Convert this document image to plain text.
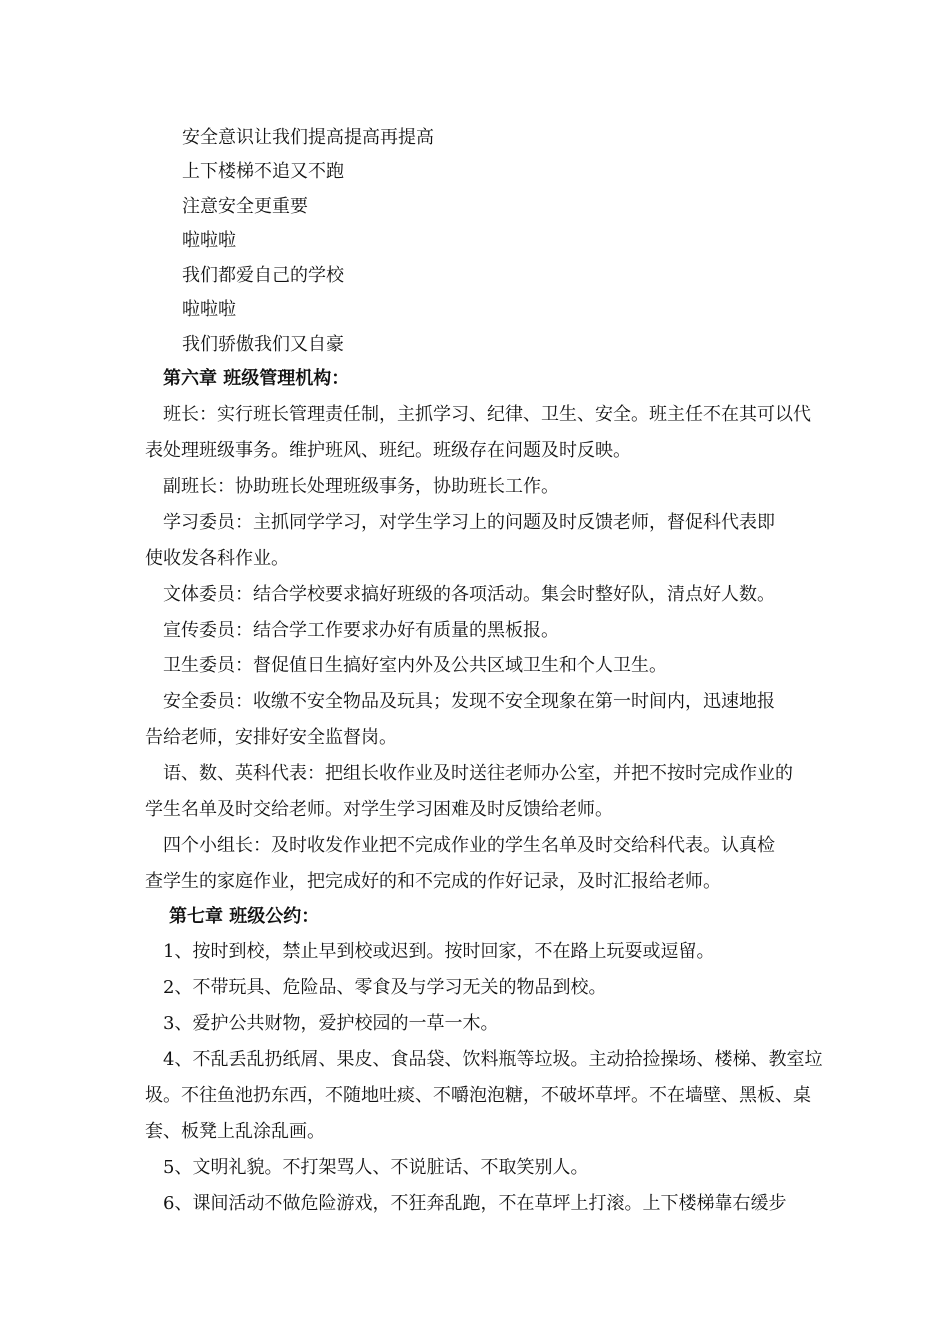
安全意识让我们提高提高再提高
上下楼梯不追又不跑
注意安全更重要
啦啦啦
我们都爱自己的学校
啦啦啦
我们骄傲我们又自豪
第六章 班级管理机构：
班长：实行班长管理责任制，主抓学习、纪律、卫生、安全。班主任不在其可以代
表处理班级事务。维护班风、班纪。班级存在问题及时反映。
副班长：协助班长处理班级事务，协助班长工作。
学习委员：主抓同学学习，对学生学习上的问题及时反馈老师，督促科代表即
使收发各科作业。
文体委员：结合学校要求搞好班级的各项活动。集会时整好队，清点好人数。
宣传委员：结合学工作要求办好有质量的黑板报。
卫生委员：督促值日生搞好室内外及公共区域卫生和个人卫生。
安全委员：收缴不安全物品及玩具；发现不安全现象在第一时间内，迅速地报
告给老师，安排好安全监督岗。
语、数、英科代表：把组长收作业及时送往老师办公室，并把不按时完成作业的
学生名单及时交给老师。对学生学习困难及时反馈给老师。
四个小组长：及时收发作业把不完成作业的学生名单及时交给科代表。认真检
查学生的家庭作业，把完成好的和不完成的作好记录，及时汇报给老师。
第七章 班级公约：
1、按时到校，禁止早到校或迟到。按时回家，不在路上玩耍或逗留。
2、不带玩具、危险品、零食及与学习无关的物品到校。
3、爱护公共财物，爱护校园的一草一木。
4、不乱丢乱扔纸屑、果皮、食品袋、饮料瓶等垃圾。主动拾捡操场、楼梯、教室垃
圾。不往鱼池扔东西，不随地吐痰、不嚼泡泡糖，不破坏草坪。不在墙壁、黑板、桌
套、板凳上乱涂乱画。
5、文明礼貌。不打架骂人、不说脏话、不取笑别人。
6、课间活动不做危险游戏，不狂奔乱跑，不在草坪上打滚。上下楼梯靠右缓步
